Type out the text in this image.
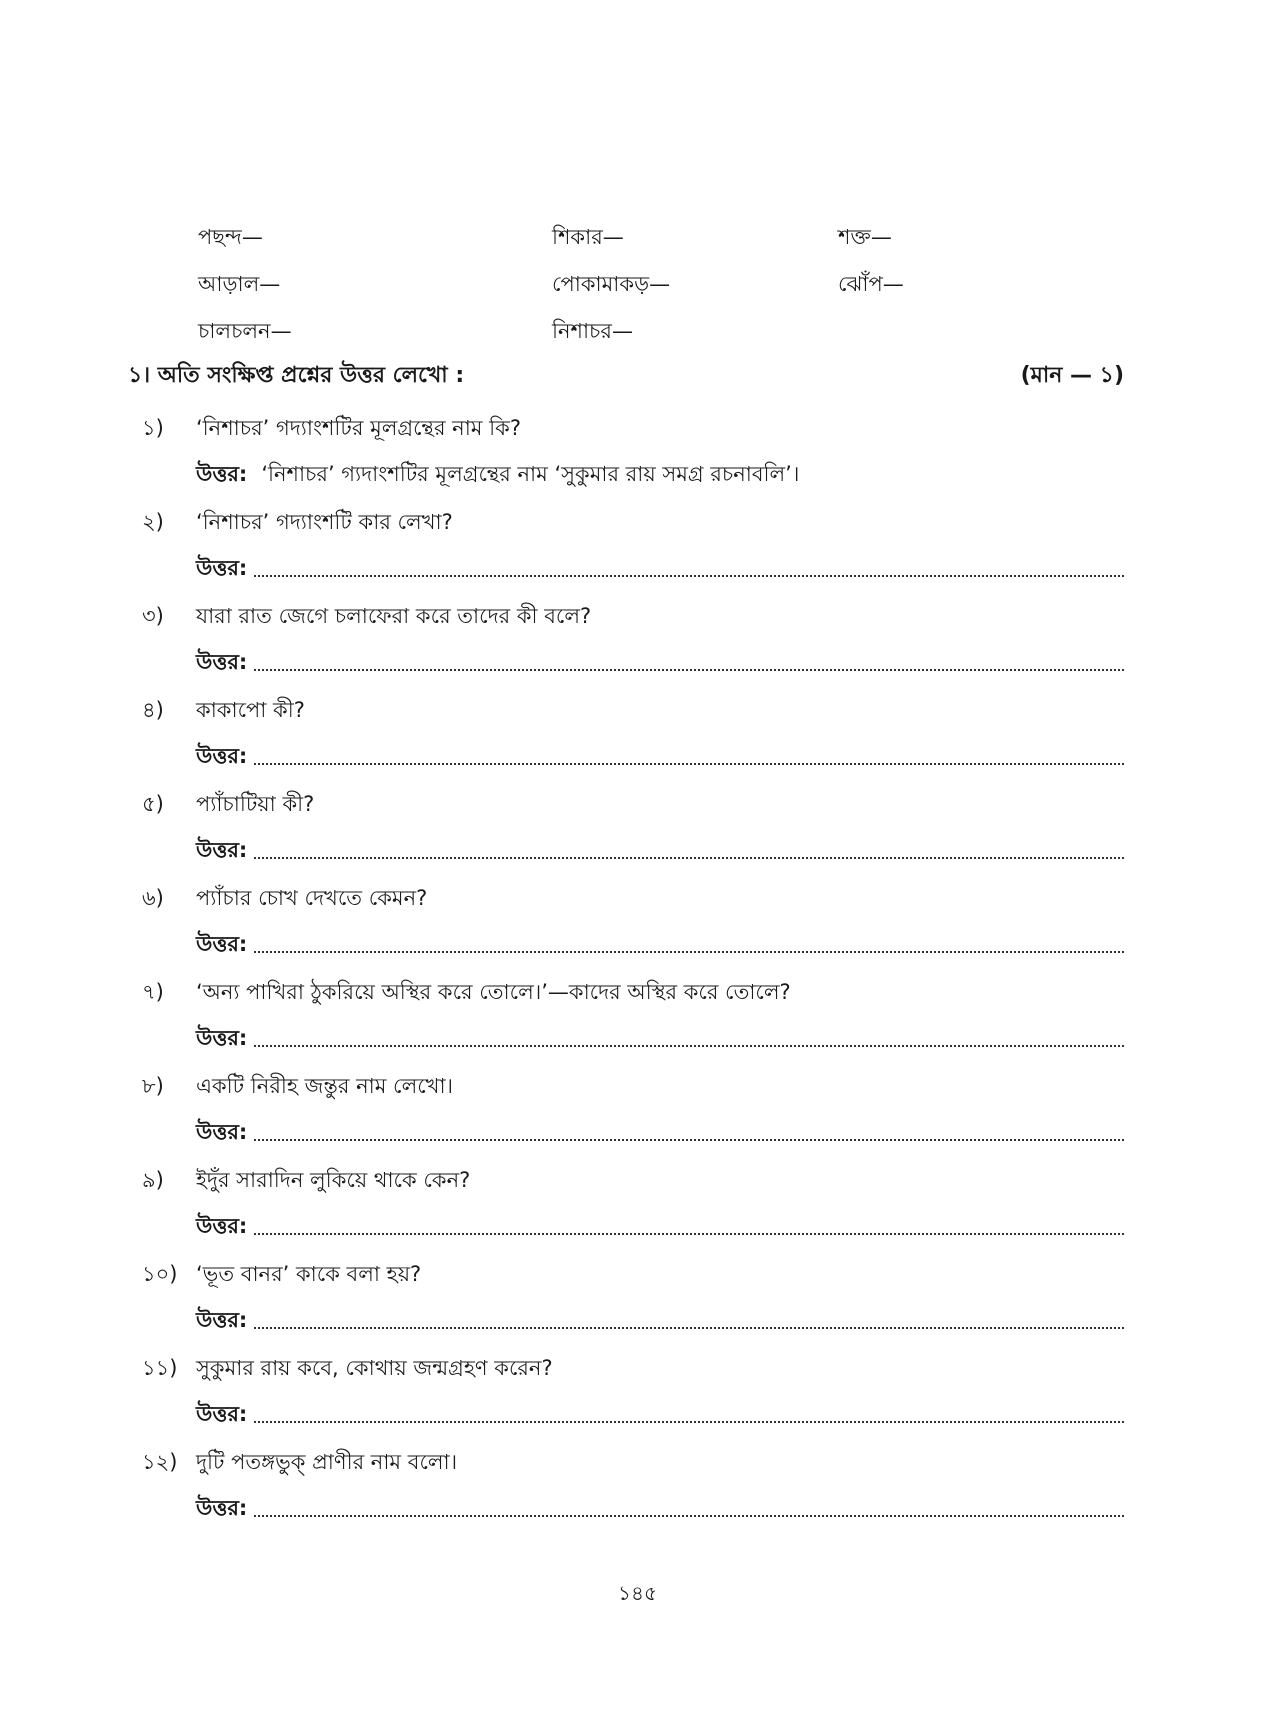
পছন্দ—	শিকার—	শক্ত—
আড়াল—	পোকামাকড়—	ঝোঁপ—
চালচলন—	নিশাচর—
১। অতি সংক্ষিপ্ত প্রশ্নের উত্তর লেখো :	(মান — ১)
১)	‘নিশাচর’ গদ্যাংশটির মূলগ্রন্থের নাম কি?
উত্তর: ‘নিশাচর’ গ্যদাংশটির মূলগ্রন্থের নাম ‘সুকুমার রায় সমগ্র রচনাবলি’।
২)	‘নিশাচর’ গদ্যাংশটি কার লেখা?
উত্তর:
৩)	যারা রাত জেগে চলাফেরা করে তাদের কী বলে?
উত্তর:
৪)	কাকাপো কী?
উত্তর:
৫)	প্যাঁচাটিয়া কী?
উত্তর:
৬)	প্যাঁচার চোখ দেখতে কেমন?
উত্তর:
৭)	‘অন্য পাখিরা ঠুকরিয়ে অস্থির করে তোলে।’—কাদের অস্থির করে তোলে?
উত্তর:
৮)	একটি নিরীহ জন্তুর নাম লেখো।
উত্তর:
৯)	ইদুঁর সারাদিন লুকিয়ে থাকে কেন?
উত্তর:
১০) ‘ভূত বানর’ কাকে বলা হয়?
উত্তর:
১১) সুকুমার রায় কবে, কোথায় জন্মগ্রহণ করেন?
উত্তর:
১২) দুটি পতঙ্গভুক্ প্রাণীর নাম বলো।
উত্তর:
১৪৫
